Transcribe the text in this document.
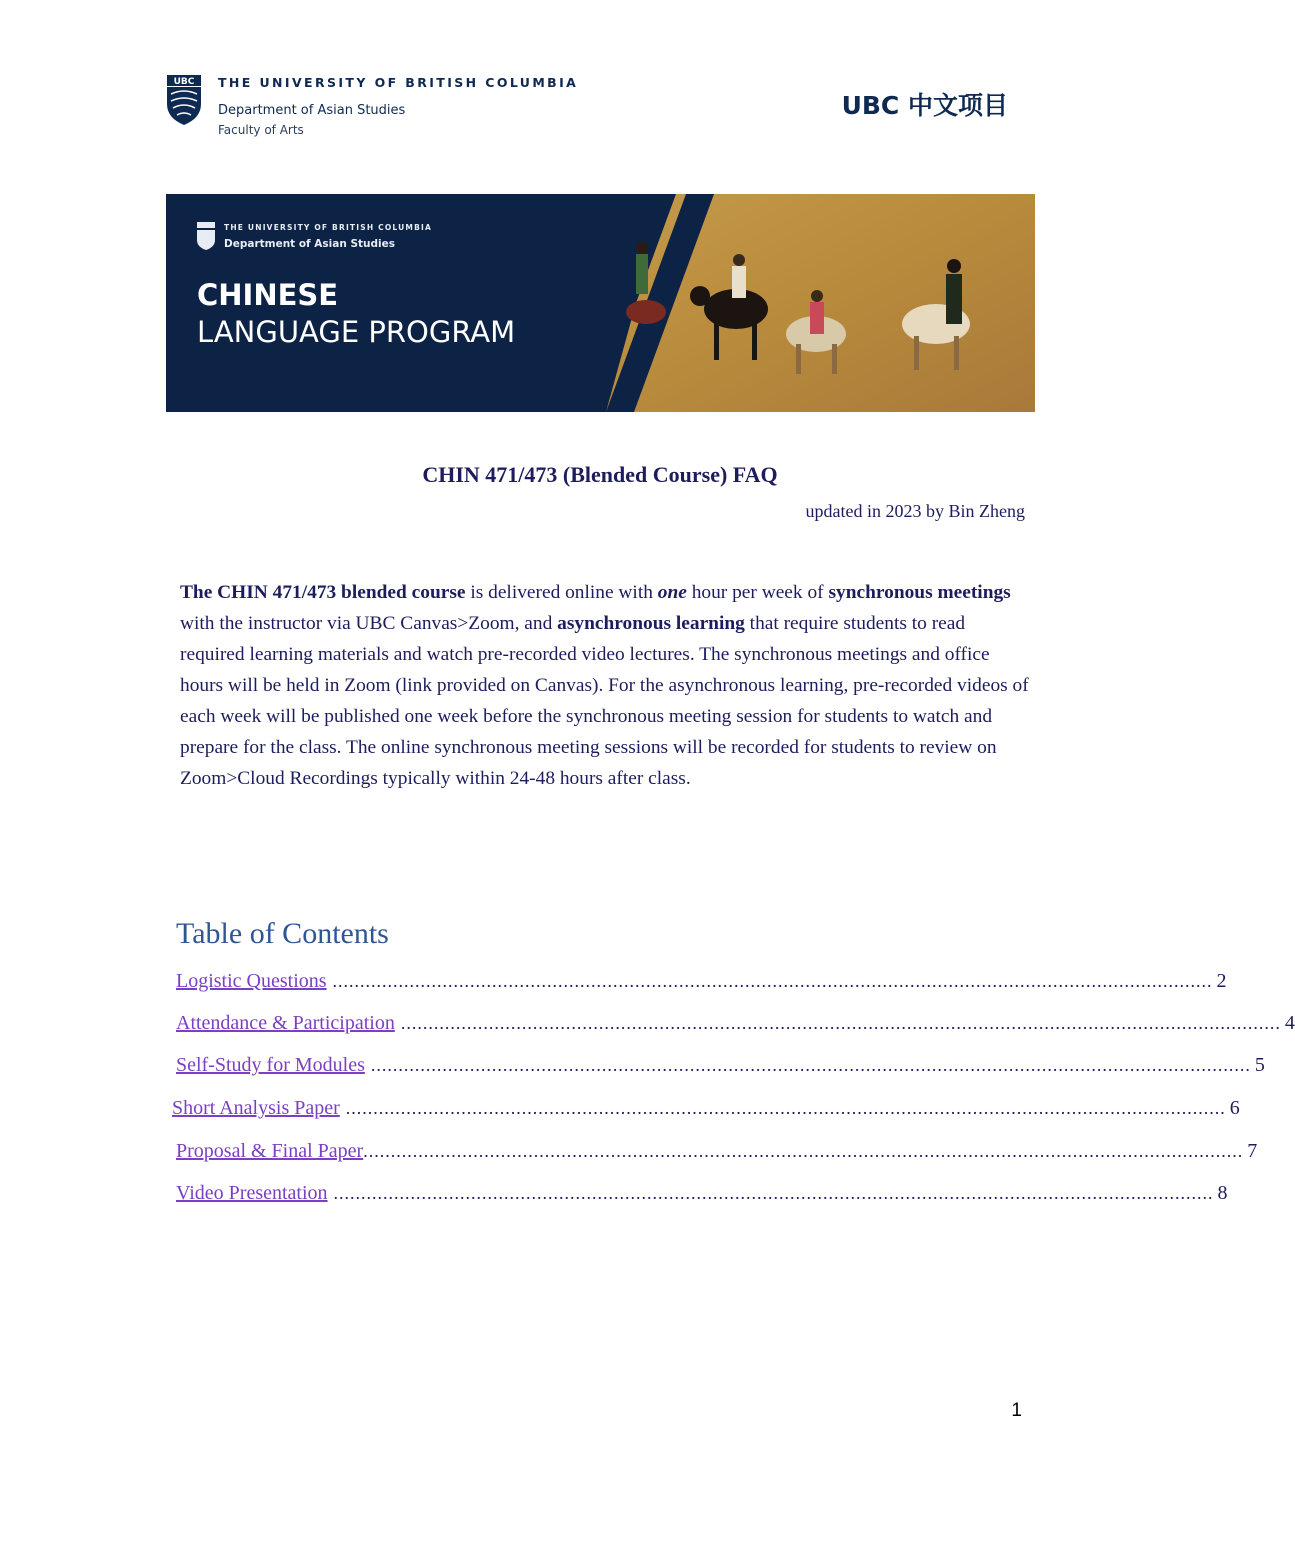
UBC THE UNIVERSITY OF BRITISH COLUMBIA
Department of Asian Studies
Faculty of Arts
UBC 中文项目
THE UNIVERSITY OF BRITISH COLUMBIA
Department of Asian Studies
CHINESE
LANGUAGE PROGRAM
CHIN 471/473 (Blended Course) FAQ
updated in 2023 by Bin Zheng
The CHIN 471/473 blended course is delivered online with one hour per week of synchronous meetings with the instructor via UBC Canvas>Zoom, and asynchronous learning that require students to read required learning materials and watch pre-recorded video lectures. The synchronous meetings and office hours will be held in Zoom (link provided on Canvas). For the asynchronous learning, pre-recorded videos of each week will be published one week before the synchronous meeting session for students to watch and prepare for the class. The online synchronous meeting sessions will be recorded for students to review on Zoom>Cloud Recordings typically within 24-48 hours after class.
Table of Contents
Logistic Questions ................................................................................................................................................................ 2
Attendance & Participation ................................................................................................................................................................ 4
Self-Study for Modules ................................................................................................................................................................ 5
Short Analysis Paper ................................................................................................................................................................ 6
Proposal & Final Paper ................................................................................................................................................................ 7
Video Presentation ................................................................................................................................................................ 8
1
